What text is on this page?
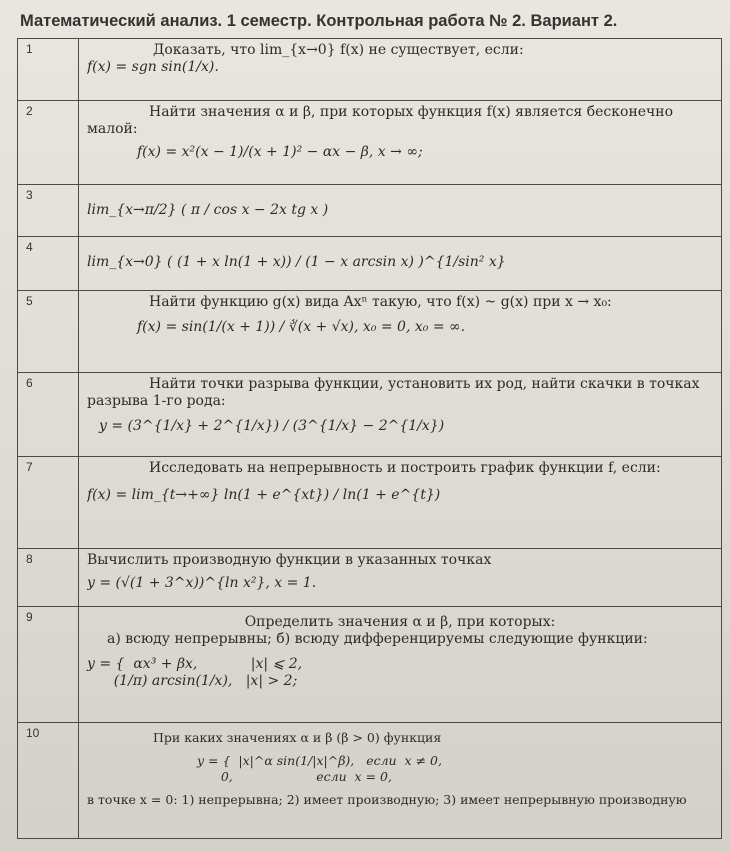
Математический анализ. 1 семестр. Контрольная работа № 2. Вариант 2.
1	Доказать, что lim_{x→0} f(x) не существует, если:
f(x) = sgn sin(1/x).

2	Найти значения α и β, при которых функция f(x) является бесконечно малой:
f(x) = x²(x − 1)/(x + 1)² − αx − β, x → ∞;

3	lim_{x→π/2} ( π / cos x − 2x tg x )

4	lim_{x→0} ( (1 + x ln(1 + x)) / (1 − x arcsin x) )^{1/sin² x}

5	Найти функцию g(x) вида Axⁿ такую, что f(x) ~ g(x) при x → x₀:
f(x) = sin(1/(x + 1)) / ∛(x + √x), x₀ = 0, x₀ = ∞.

6	Найти точки разрыва функции, установить их род, найти скачки в точках разрыва 1-го рода:
y = (3^{1/x} + 2^{1/x}) / (3^{1/x} − 2^{1/x})

7	Исследовать на непрерывность и построить график функции f, если:
f(x) = lim_{t→+∞} ln(1 + e^{xt}) / ln(1 + e^{t})

8	Вычислить производную функции в указанных точках
y = (√(1 + 3^x))^{ln x²}, x = 1.

9	Определить значения α и β, при которых:
а) всюду непрерывны; б) всюду дифференцируемы следующие функции:
y = {  αx³ + βx,            |x| ⩽ 2,
(1/π) arcsin(1/x),   |x| > 2;

10	При каких значениях α и β (β > 0) функция
y = {  |x|^α sin(1/|x|^β),   если  x ≠ 0,
0,                     если  x = 0,
в точке x = 0: 1) непрерывна; 2) имеет производную; 3) имеет непрерывную производную
